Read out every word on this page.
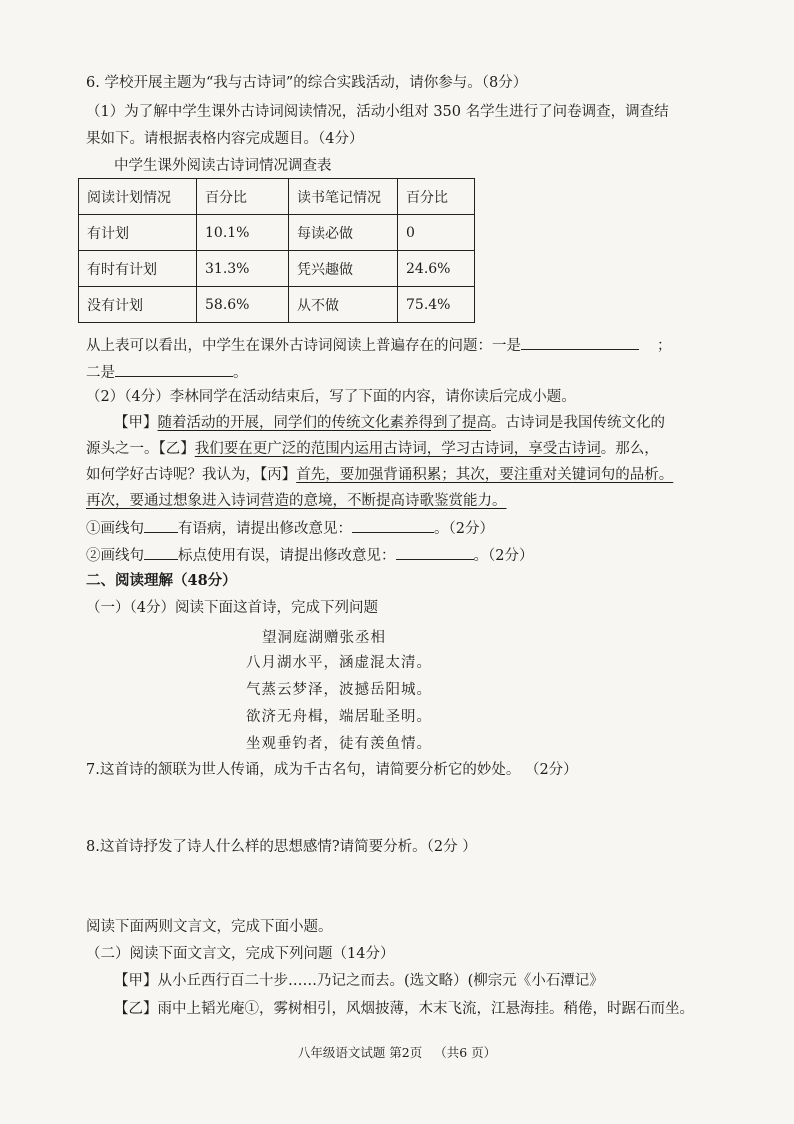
6. 学校开展主题为“我与古诗词”的综合实践活动，请你参与。（8分）
（1）为了解中学生课外古诗词阅读情况，活动小组对 350 名学生进行了问卷调查，调查结
果如下。请根据表格内容完成题目。（4分）
中学生课外阅读古诗词情况调查表
阅读计划情况	百分比	读书笔记情况	百分比
有计划	10.1%	每读必做	0
有时有计划	31.3%	凭兴趣做	24.6%
没有计划	58.6%	从不做	75.4%
从上表可以看出，中学生在课外古诗词阅读上普遍存在的问题：一是	；
二是	。
（2）（4分）李林同学在活动结束后，写了下面的内容，请你读后完成小题。
【甲】随着活动的开展，同学们的传统文化素养得到了提高。古诗词是我国传统文化的
源头之一。【乙】我们要在更广泛的范围内运用古诗词，学习古诗词，享受古诗词。那么，
如何学好古诗呢？我认为，【丙】首先，要加强背诵积累；其次，要注重对关键词句的品析。
再次，要通过想象进入诗词营造的意境，不断提高诗歌鉴赏能力。
①画线句 有语病，请提出修改意见：	。（2分）
②画线句 标点使用有误，请提出修改意见：	。（2分）
二、阅读理解（48分）
（一）（4分）阅读下面这首诗，完成下列问题
望洞庭湖赠张丞相
八月湖水平，涵虚混太清。
气蒸云梦泽，波撼岳阳城。
欲济无舟楫，端居耻圣明。
坐观垂钓者，徒有羡鱼情。
7.这首诗的颔联为世人传诵，成为千古名句，请简要分析它的妙处。 （2分）
8.这首诗抒发了诗人什么样的思想感情?请简要分析。（2分 ）
阅读下面两则文言文，完成下面小题。
（二）阅读下面文言文，完成下列问题（14分）
【甲】从小丘西行百二十步……乃记之而去。(选文略）(柳宗元《小石潭记》
【乙】雨中上韬光庵①，雾树相引，风烟披薄，木末飞流，江悬海挂。稍倦，时踞石而坐。
八年级语文试题 第2页 （共6 页）
